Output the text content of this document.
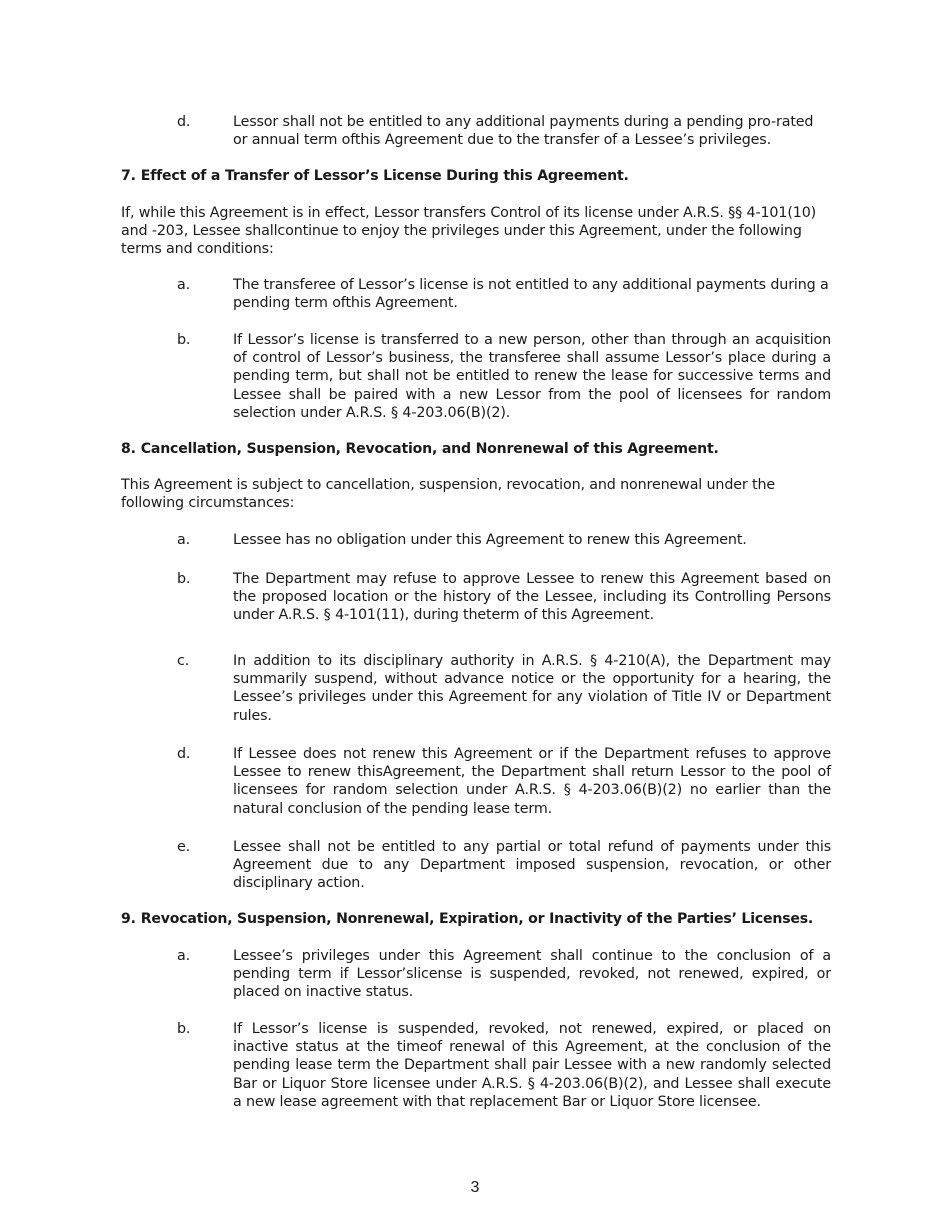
d.	Lessor shall not be entitled to any additional payments during a pending pro-rated or annual term ofthis Agreement due to the transfer of a Lessee’s privileges.
7. Effect of a Transfer of Lessor’s License During this Agreement.
If, while this Agreement is in effect, Lessor transfers Control of its license under A.R.S. §§ 4-101(10) and -203, Lessee shallcontinue to enjoy the privileges under this Agreement, under the following terms and conditions:
a.	The transferee of Lessor’s license is not entitled to any additional payments during a pending term ofthis Agreement.
b.	If Lessor’s license is transferred to a new person, other than through an acquisition of control of Lessor’s business, the transferee shall assume Lessor’s place during a pending term, but shall not be entitled to renew the lease for successive terms and Lessee shall be paired with a new Lessor from the pool of licensees for random selection under A.R.S. § 4-203.06(B)(2).
8. Cancellation, Suspension, Revocation, and Nonrenewal of this Agreement.
This Agreement is subject to cancellation, suspension, revocation, and nonrenewal under the following circumstances:
a.	Lessee has no obligation under this Agreement to renew this Agreement.
b.	The Department may refuse to approve Lessee to renew this Agreement based on the proposed location or the history of the Lessee, including its Controlling Persons under A.R.S. § 4-101(11), during theterm of this Agreement.
c.	In addition to its disciplinary authority in A.R.S. § 4-210(A), the Department may summarily suspend, without advance notice or the opportunity for a hearing, the Lessee’s privileges under this Agreement for any violation of Title IV or Department rules.
d.	If Lessee does not renew this Agreement or if the Department refuses to approve Lessee to renew thisAgreement, the Department shall return Lessor to the pool of licensees for random selection under A.R.S. § 4-203.06(B)(2) no earlier than the natural conclusion of the pending lease term.
e.	Lessee shall not be entitled to any partial or total refund of payments under this Agreement due to any Department imposed suspension, revocation, or other disciplinary action.
9. Revocation, Suspension, Nonrenewal, Expiration, or Inactivity of the Parties’ Licenses.
a.	Lessee’s privileges under this Agreement shall continue to the conclusion of a pending term if Lessor’slicense is suspended, revoked, not renewed, expired, or placed on inactive status.
b.	If Lessor’s license is suspended, revoked, not renewed, expired, or placed on inactive status at the timeof renewal of this Agreement, at the conclusion of the pending lease term the Department shall pair Lessee with a new randomly selected Bar or Liquor Store licensee under A.R.S. § 4-203.06(B)(2), and Lessee shall execute a new lease agreement with that replacement Bar or Liquor Store licensee.
3
